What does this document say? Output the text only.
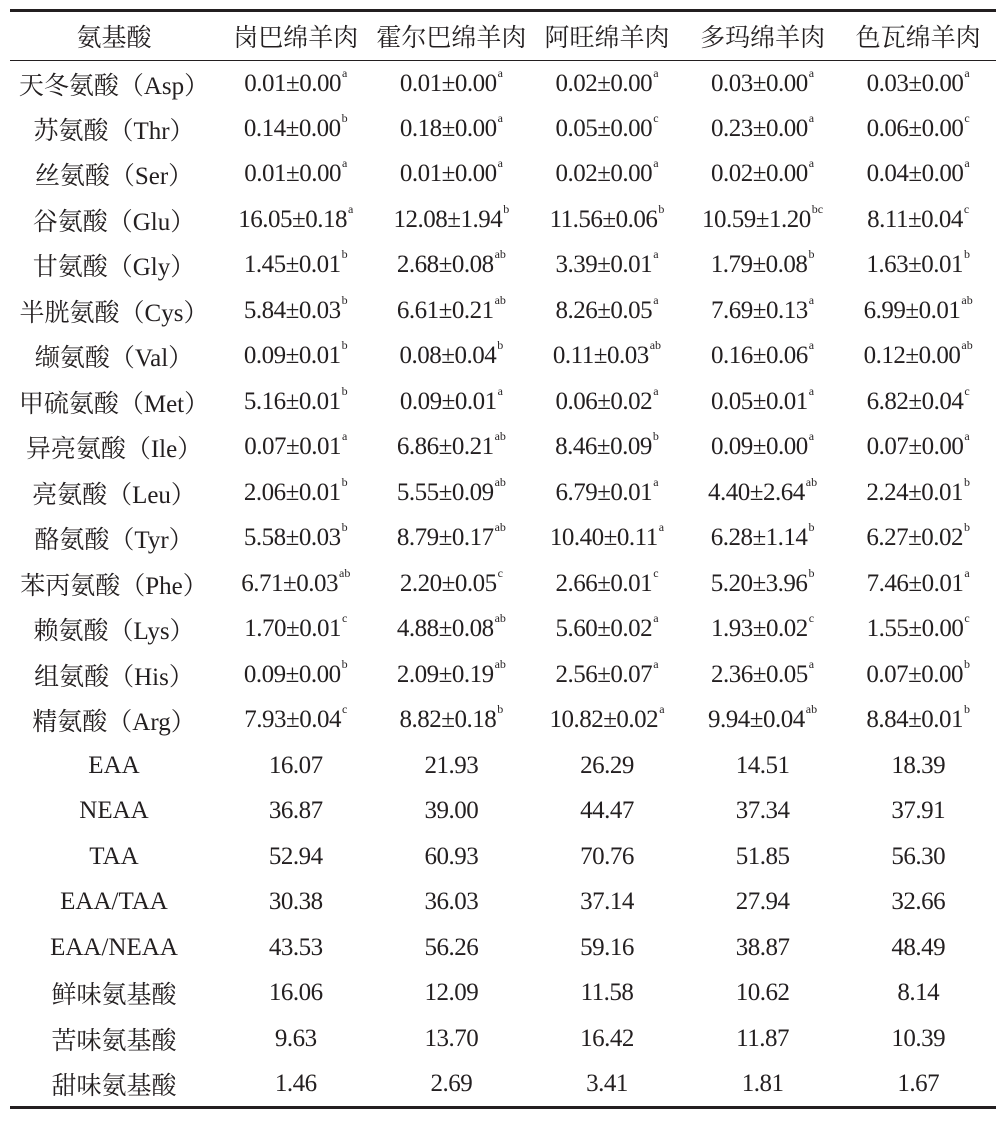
氨基酸	岗巴绵羊肉	霍尔巴绵羊肉	阿旺绵羊肉	多玛绵羊肉	色瓦绵羊肉
天冬氨酸（Asp）	0.01±0.00$^a$	0.01±0.00$^a$	0.02±0.00$^a$	0.03±0.00$^a$	0.03±0.00$^a$
苏氨酸（Thr）	0.14±0.00$^b$	0.18±0.00$^a$	0.05±0.00$^c$	0.23±0.00$^a$	0.06±0.00$^c$
丝氨酸（Ser）	0.01±0.00$^a$	0.01±0.00$^a$	0.02±0.00$^a$	0.02±0.00$^a$	0.04±0.00$^a$
谷氨酸（Glu）	16.05±0.18$^a$	12.08±1.94$^b$	11.56±0.06$^b$	10.59±1.20$^{bc}$	8.11±0.04$^c$
甘氨酸（Gly）	1.45±0.01$^b$	2.68±0.08$^{ab}$	3.39±0.01$^a$	1.79±0.08$^b$	1.63±0.01$^b$
半胱氨酸（Cys）	5.84±0.03$^b$	6.61±0.21$^{ab}$	8.26±0.05$^a$	7.69±0.13$^a$	6.99±0.01$^{ab}$
缬氨酸（Val）	0.09±0.01$^b$	0.08±0.04$^b$	0.11±0.03$^{ab}$	0.16±0.06$^a$	0.12±0.00$^{ab}$
甲硫氨酸（Met）	5.16±0.01$^b$	0.09±0.01$^a$	0.06±0.02$^a$	0.05±0.01$^a$	6.82±0.04$^c$
异亮氨酸（Ile）	0.07±0.01$^a$	6.86±0.21$^{ab}$	8.46±0.09$^b$	0.09±0.00$^a$	0.07±0.00$^a$
亮氨酸（Leu）	2.06±0.01$^b$	5.55±0.09$^{ab}$	6.79±0.01$^a$	4.40±2.64$^{ab}$	2.24±0.01$^b$
酪氨酸（Tyr）	5.58±0.03$^b$	8.79±0.17$^{ab}$	10.40±0.11$^a$	6.28±1.14$^b$	6.27±0.02$^b$
苯丙氨酸（Phe）	6.71±0.03$^{ab}$	2.20±0.05$^c$	2.66±0.01$^c$	5.20±3.96$^b$	7.46±0.01$^a$
赖氨酸（Lys）	1.70±0.01$^c$	4.88±0.08$^{ab}$	5.60±0.02$^a$	1.93±0.02$^c$	1.55±0.00$^c$
组氨酸（His）	0.09±0.00$^b$	2.09±0.19$^{ab}$	2.56±0.07$^a$	2.36±0.05$^a$	0.07±0.00$^b$
精氨酸（Arg）	7.93±0.04$^c$	8.82±0.18$^b$	10.82±0.02$^a$	9.94±0.04$^{ab}$	8.84±0.01$^b$
EAA	16.07	21.93	26.29	14.51	18.39
NEAA	36.87	39.00	44.47	37.34	37.91
TAA	52.94	60.93	70.76	51.85	56.30
EAA/TAA	30.38	36.03	37.14	27.94	32.66
EAA/NEAA	43.53	56.26	59.16	38.87	48.49
鲜味氨基酸	16.06	12.09	11.58	10.62	8.14
苦味氨基酸	9.63	13.70	16.42	11.87	10.39
甜味氨基酸	1.46	2.69	3.41	1.81	1.67
